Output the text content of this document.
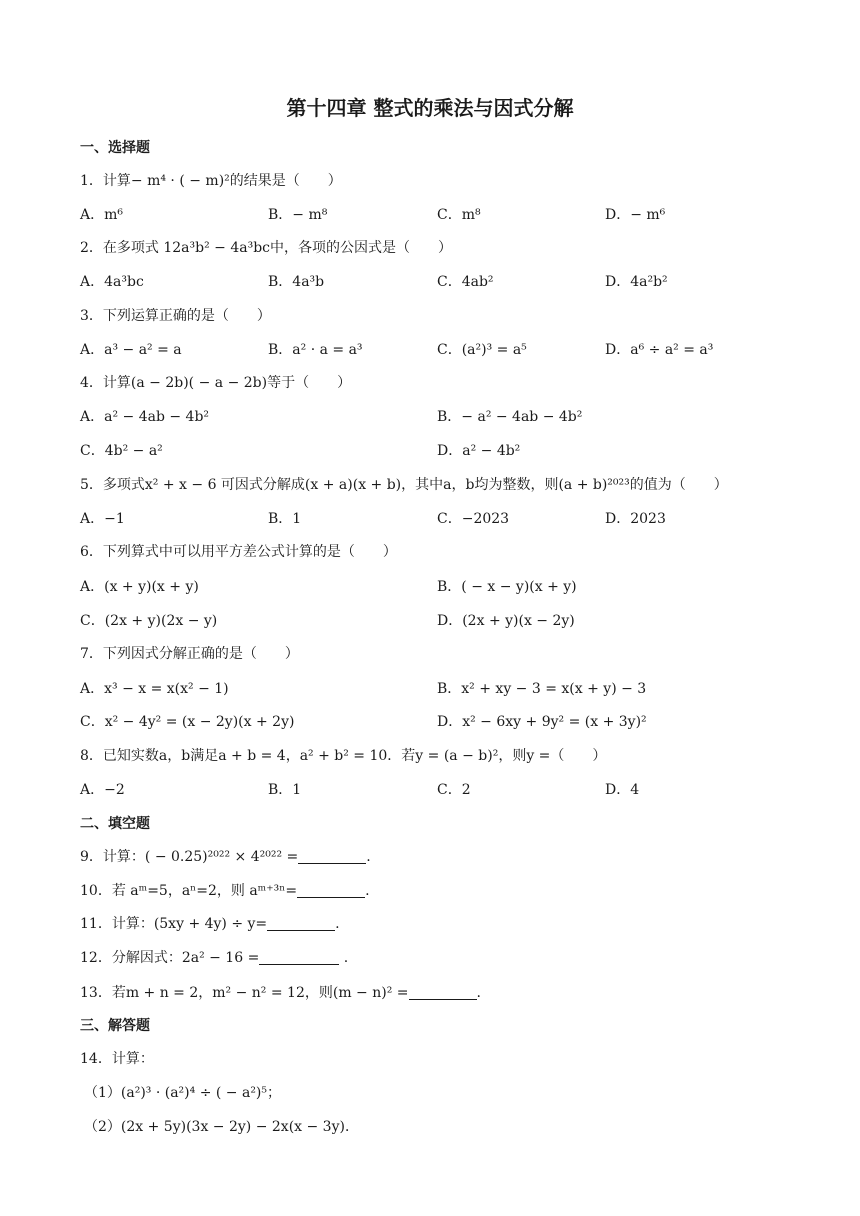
第十四章 整式的乘法与因式分解
一、选择题
1．计算− m⁴ · ( − m)²的结果是（　　）
A．m⁶	B．− m⁸	C．m⁸	D．− m⁶
2．在多项式 12a³b² − 4a³bc中，各项的公因式是（　　）
A．4a³bc	B．4a³b	C．4ab²	D．4a²b²
3．下列运算正确的是（　　）
A．a³ − a² = a	B．a² · a = a³	C．(a²)³ = a⁵	D．a⁶ ÷ a² = a³
4．计算(a − 2b)( − a − 2b)等于（　　）
A．a² − 4ab − 4b²	B．− a² − 4ab − 4b²
C．4b² − a²	D．a² − 4b²
5．多项式x² + x − 6 可因式分解成(x + a)(x + b)，其中a，b均为整数，则(a + b)²⁰²³的值为（　　）
A．−1	B．1	C．−2023	D．2023
6．下列算式中可以用平方差公式计算的是（　　）
A．(x + y)(x + y)	B．( − x − y)(x + y)
C．(2x + y)(2x − y)	D．(2x + y)(x − 2y)
7．下列因式分解正确的是（　　）
A．x³ − x = x(x² − 1)	B．x² + xy − 3 = x(x + y) − 3
C．x² − 4y² = (x − 2y)(x + 2y)	D．x² − 6xy + 9y² = (x + 3y)²
8．已知实数a，b满足a + b = 4，a² + b² = 10．若y = (a − b)²，则y =（　　）
A．−2	B．1	C．2	D．4
二、填空题
9．计算：( − 0.25)²⁰²² × 4²⁰²² =	.
10．若 aᵐ=5，aⁿ=2，则 aᵐ⁺³ⁿ=	.
11．计算：(5xy + 4y) ÷ y=	.
12．分解因式：2a² − 16 =	.
13．若m + n = 2，m² − n² = 12，则(m − n)² =	.
三、解答题
14．计算：
（1）(a²)³ · (a²)⁴ ÷ ( − a²)⁵；
（2）(2x + 5y)(3x − 2y) − 2x(x − 3y)．
